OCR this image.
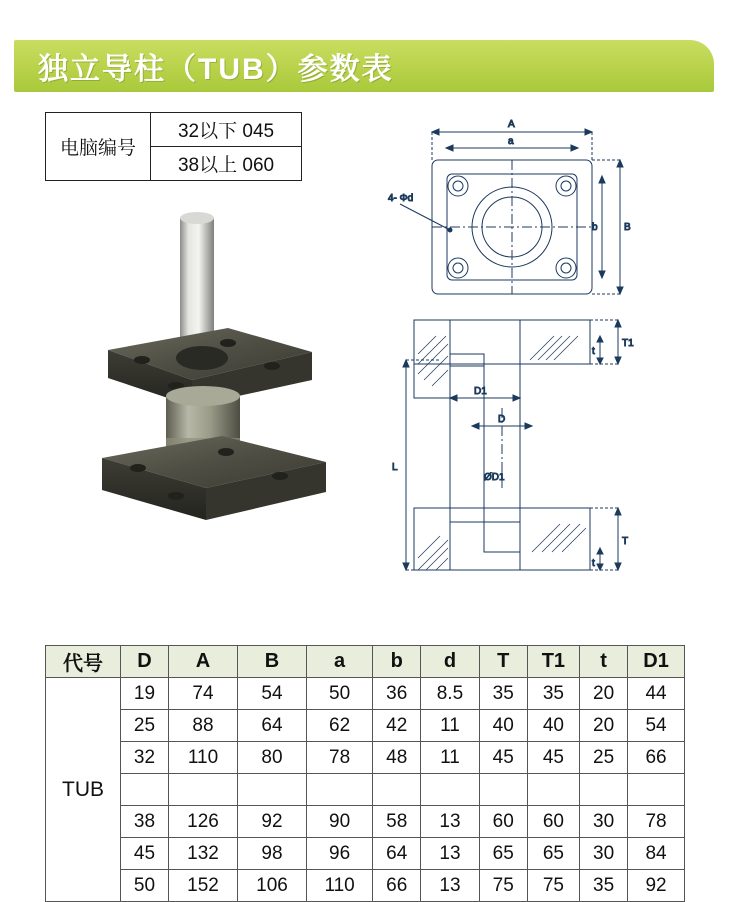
独立导柱（TUB）参数表
电脑编号	32以下 045
38以上 060
A
a
4- Φd
B
b
T1
t
D1
D
ØD1
L
T
t
代号	D	A	B	a	b	d	T	T1	t	D1
TUB	19	74	54	50	36	8.5	35	35	20	44
	25	88	64	62	42	11	40	40	20	54
	32	110	80	78	48	11	45	45	25	66

	38	126	92	90	58	13	60	60	30	78
	45	132	98	96	64	13	65	65	30	84
	50	152	106	110	66	13	75	75	35	92
